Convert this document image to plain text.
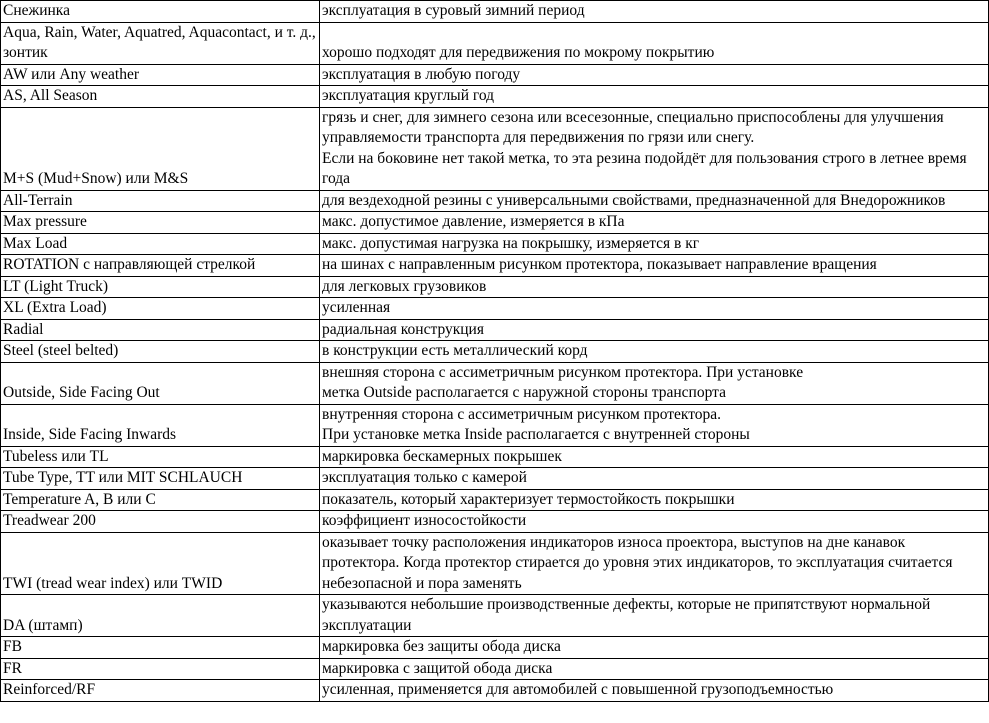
Снежинка	эксплуатация в суровый зимний период
Aqua, Rain, Water, Aquatred, Aquacontact, и т. д., зонтик	хорошо подходят для передвижения по мокрому покрытию
AW или Any weather	эксплуатация в любую погоду
AS, All Season	эксплуатация круглый год
M+S (Mud+Snow) или M&S	грязь и снег, для зимнего сезона или всесезонные, специально приспособлены для улучшения управляемости транспорта для передвижения по грязи или снегу.
Если на боковине нет такой метка, то эта резина подойдёт для пользования строго в летнее время года
All-Terrain	для вездеходной резины с универсальными свойствами, предназначенной для Внедорожников
Max pressure	макс. допустимое давление, измеряется в кПа
Max Load	макс. допустимая нагрузка на покрышку, измеряется в кг
ROTATION с направляющей стрелкой	на шинах с направленным рисунком протектора, показывает направление вращения
LT (Light Truck)	для легковых грузовиков
XL (Extra Load)	усиленная
Radial	радиальная конструкция
Steel (steel belted)	в конструкции есть металлический корд
Outside, Side Facing Out	внешняя сторона с ассиметричным рисунком протектора. При установке
метка Outside располагается с наружной стороны транспорта
Inside, Side Facing Inwards	внутренняя сторона с ассиметричным рисунком протектора.
При установке метка Inside располагается с внутренней стороны
Tubeless или TL	маркировка бескамерных покрышек
Tube Type, TT или MIT SCHLAUCH	эксплуатация только с камерой
Temperature A, B или C	показатель, который характеризует термостойкость покрышки
Treadwear 200	коэффициент износостойкости
TWI (tread wear index) или TWID	оказывает точку расположения индикаторов износа проектора, выступов на дне канавок протектора. Когда протектор стирается до уровня этих индикаторов, то эксплуатация считается небезопасной и пора заменять
DA (штамп)	указываются небольшие производственные дефекты, которые не припятствуют нормальной эксплуатации
FB	маркировка без защиты обода диска
FR	маркировка с защитой обода диска
Reinforced/RF	усиленная, применяется для автомобилей с повышенной грузоподъемностью
